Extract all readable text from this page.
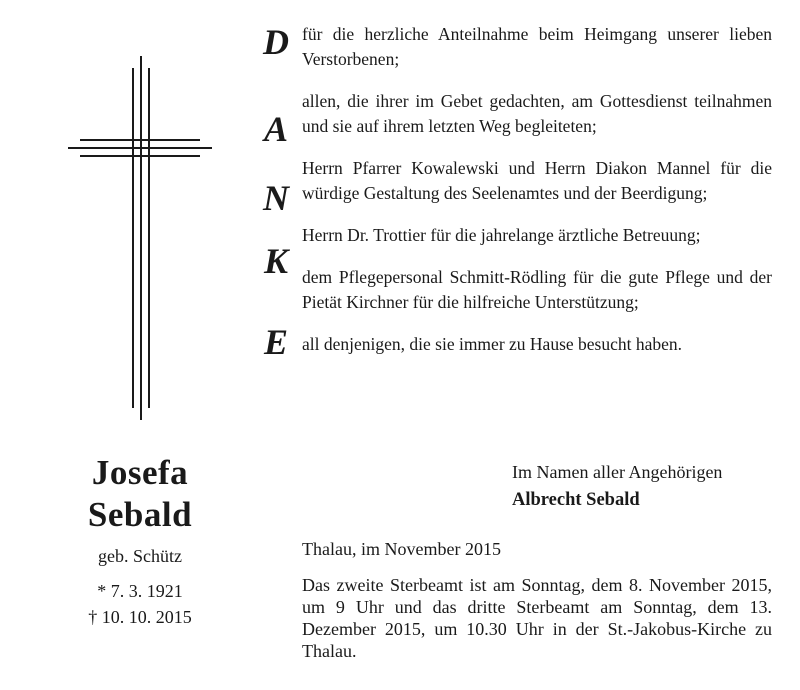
Josefa
Sebald
geb. Schütz
* 7. 3. 1921
† 10. 10. 2015
D für die herzliche Anteilnahme beim Heimgang unserer lieben Verstorbenen;

A

allen, die ihrer im Gebet gedachten, am Gottesdienst teilnahmen und sie auf ihrem letzten Weg begleiteten;

N

Herrn Pfarrer Kowalewski und Herrn Diakon Mannel für die würdige Gestaltung des Seelenamtes und der Beerdigung;

K

Herrn Dr. Trottier für die jahrelange ärztliche Betreuung;

dem Pflegepersonal Schmitt-Rödling für die gute Pflege und der Pietät Kirchner für die hilfreiche Unterstützung;

E all denjenigen, die sie immer zu Hause besucht haben.

Im Namen aller Angehörigen
Albrecht Sebald
Thalau, im November 2015
Das zweite Sterbeamt ist am Sonntag, dem 8. November 2015, um 9 Uhr und das dritte Sterbeamt am Sonntag, dem 13. Dezember 2015, um 10.30 Uhr in der St.-Jakobus-Kirche zu Thalau.
